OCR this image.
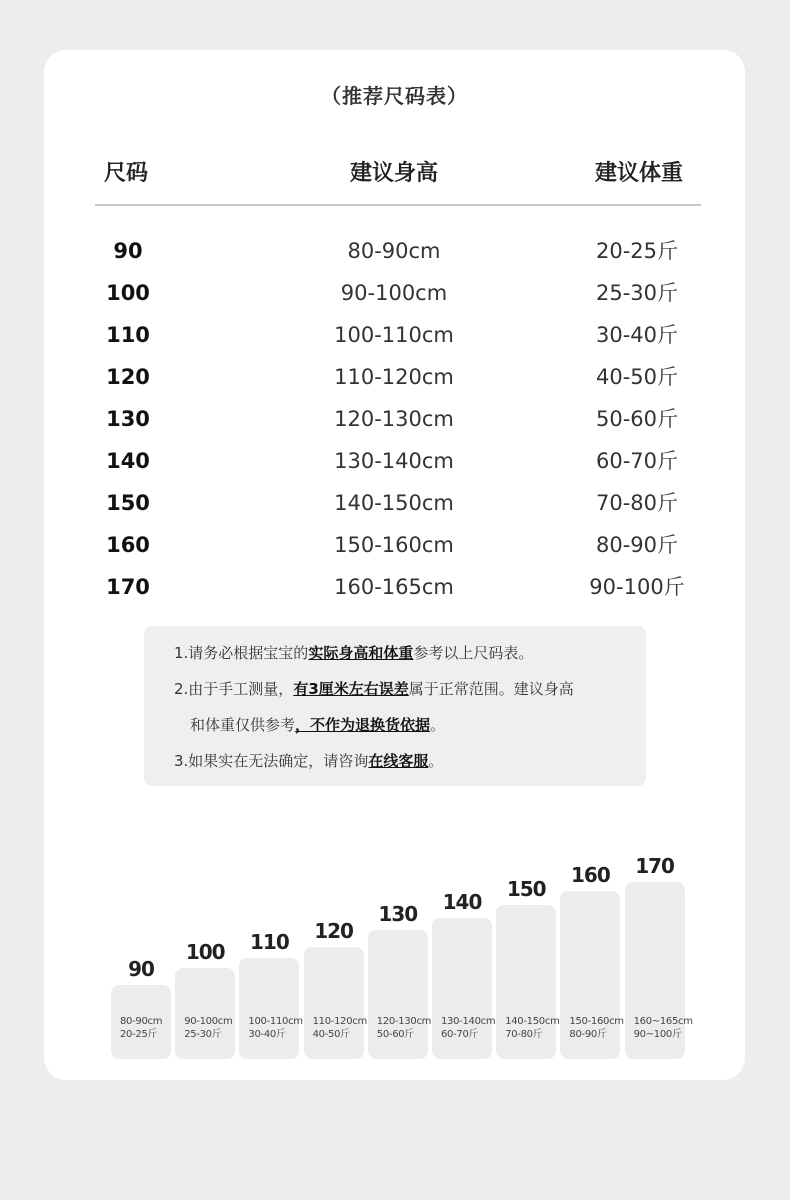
（推荐尺码表）
尺码	建议身高	建议体重
90	80-90cm	20-25斤
100	90-100cm	25-30斤
110	100-110cm	30-40斤
120	110-120cm	40-50斤
130	120-130cm	50-60斤
140	130-140cm	60-70斤
150	140-150cm	70-80斤
160	150-160cm	80-90斤
170	160-165cm	90-100斤
1.请务必根据宝宝的实际身高和体重参考以上尺码表。
2.由于手工测量，有3厘米左右误差属于正常范围。建议身高
和体重仅供参考，不作为退换货依据。
3.如果实在无法确定，请咨询在线客服。
80-90cm
20-25斤
90
90-100cm
25-30斤
100
100-110cm
30-40斤
110
110-120cm
40-50斤
120
120-130cm
50-60斤
130
130-140cm
60-70斤
140
140-150cm
70-80斤
150
150-160cm
80-90斤
160
160~165cm
90~100斤
170
